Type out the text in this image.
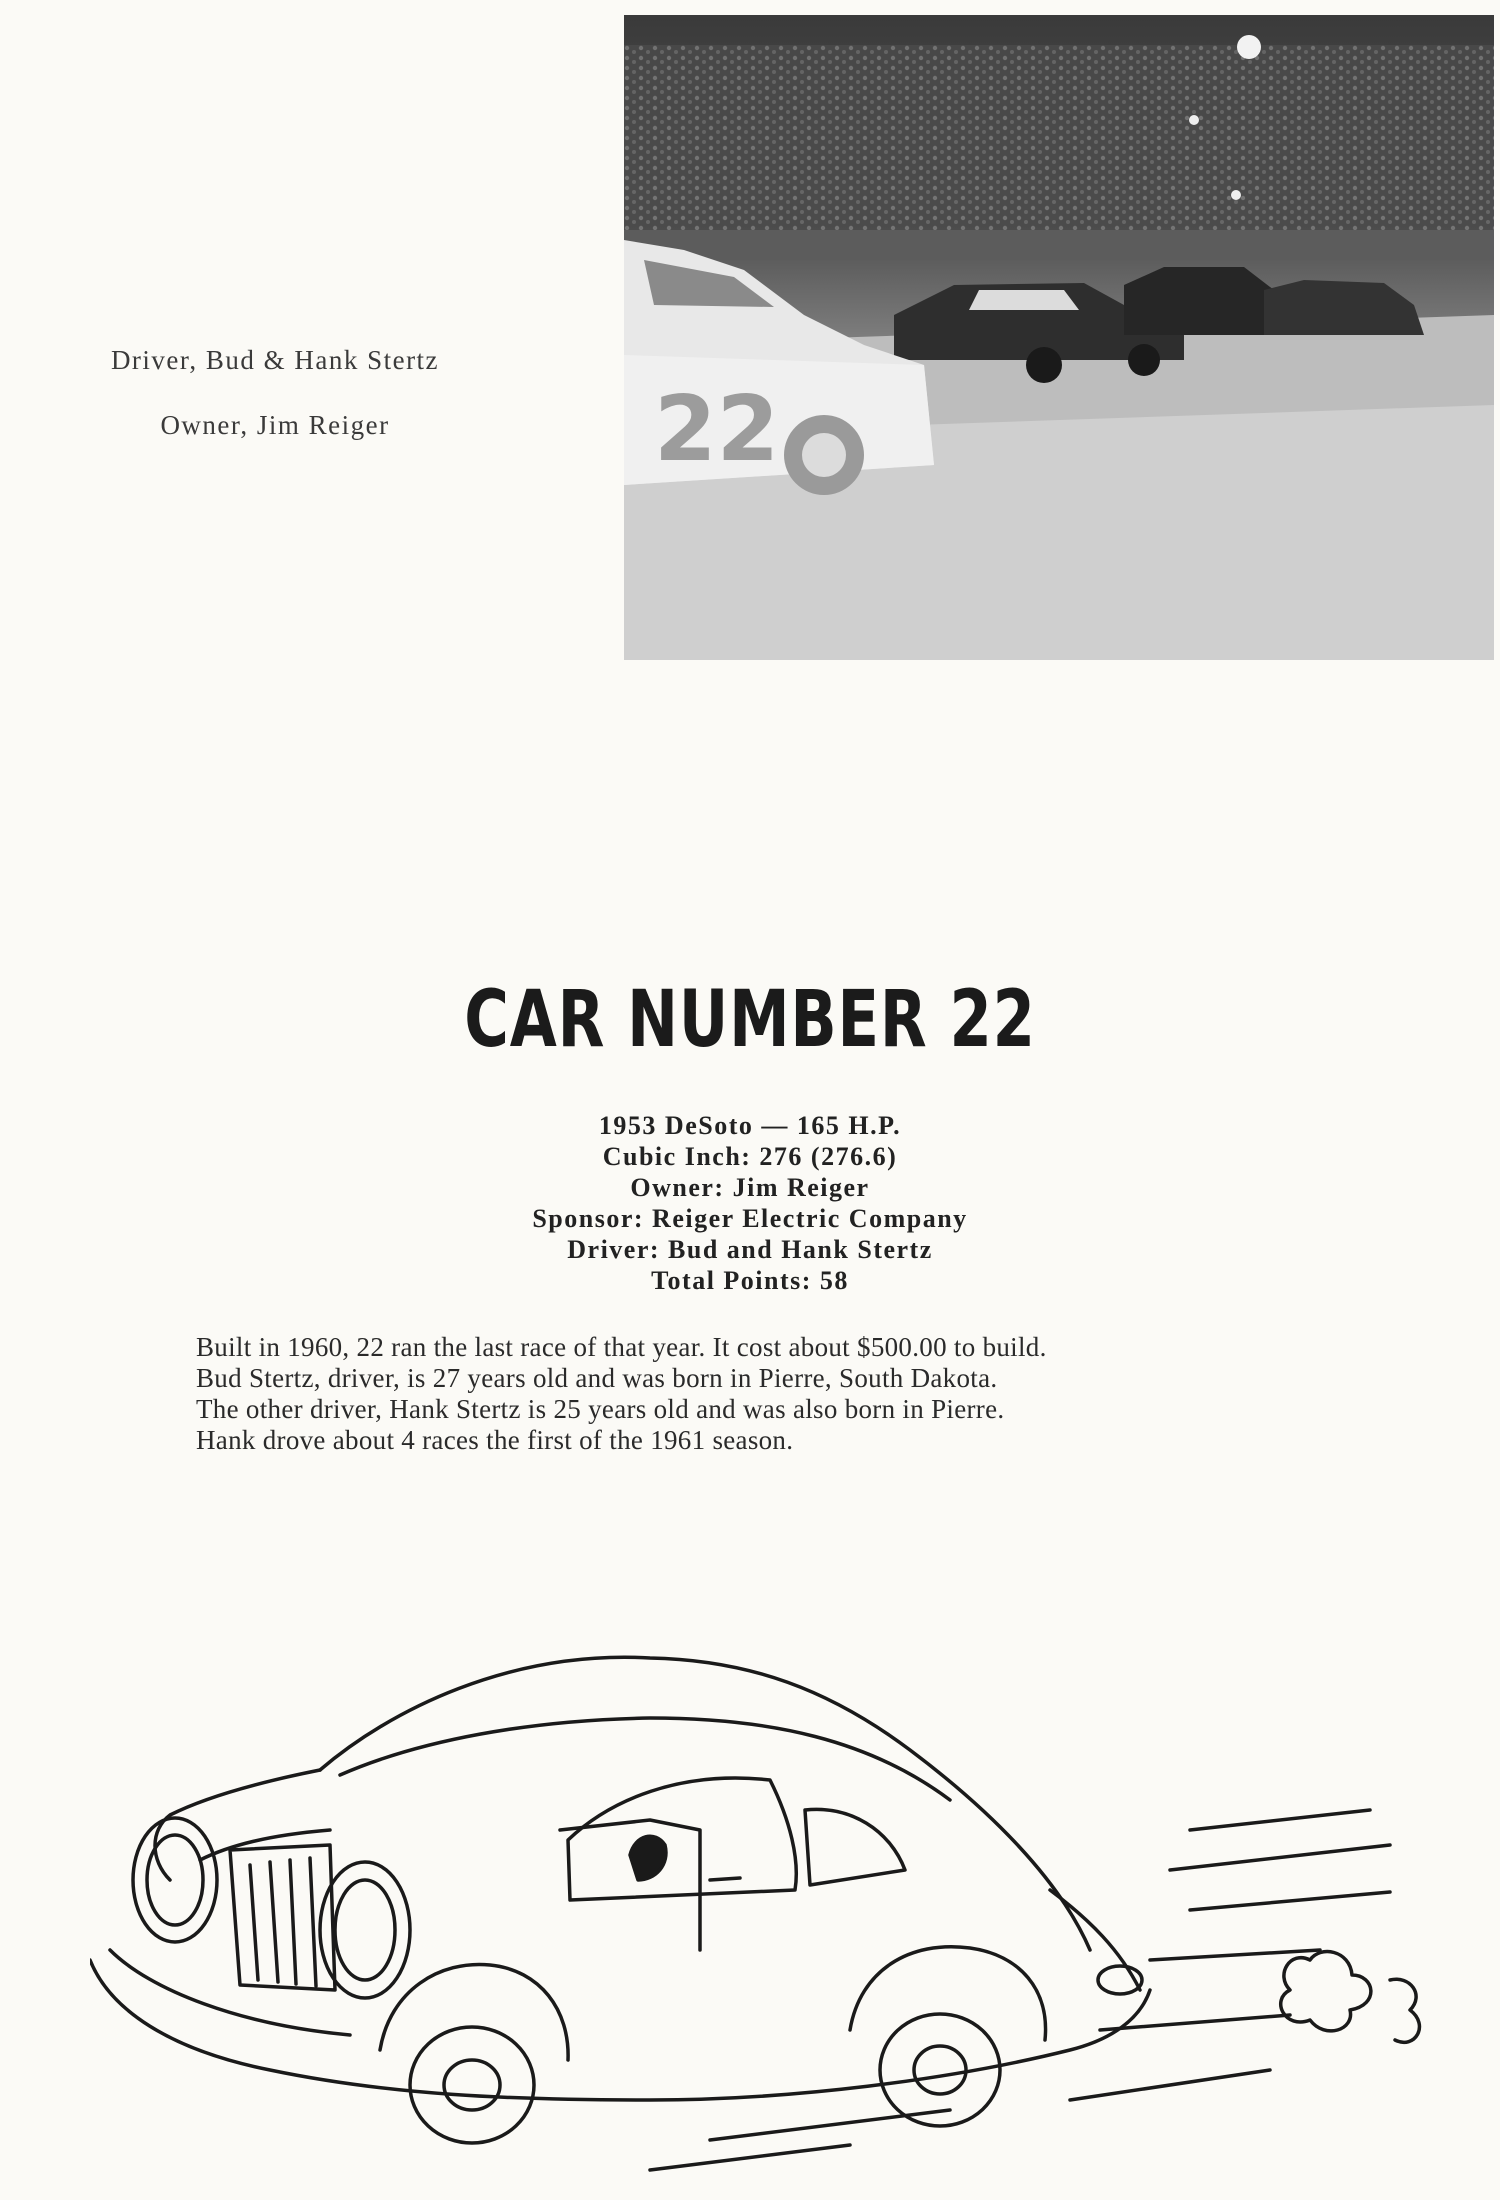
Driver, Bud & Hank Stertz
Owner, Jim Reiger	22
CAR NUMBER 22
1953 DeSoto — 165 H.P.
Cubic Inch: 276 (276.6)
Owner: Jim Reiger
Sponsor: Reiger Electric Company
Driver: Bud and Hank Stertz
Total Points: 58

Built in 1960, 22 ran the last race of that year. It cost about $500.00 to build.

Bud Stertz, driver, is 27 years old and was born in Pierre, South Dakota.

The other driver, Hank Stertz is 25 years old and was also born in Pierre.

Hank drove about 4 races the first of the 1961 season.
